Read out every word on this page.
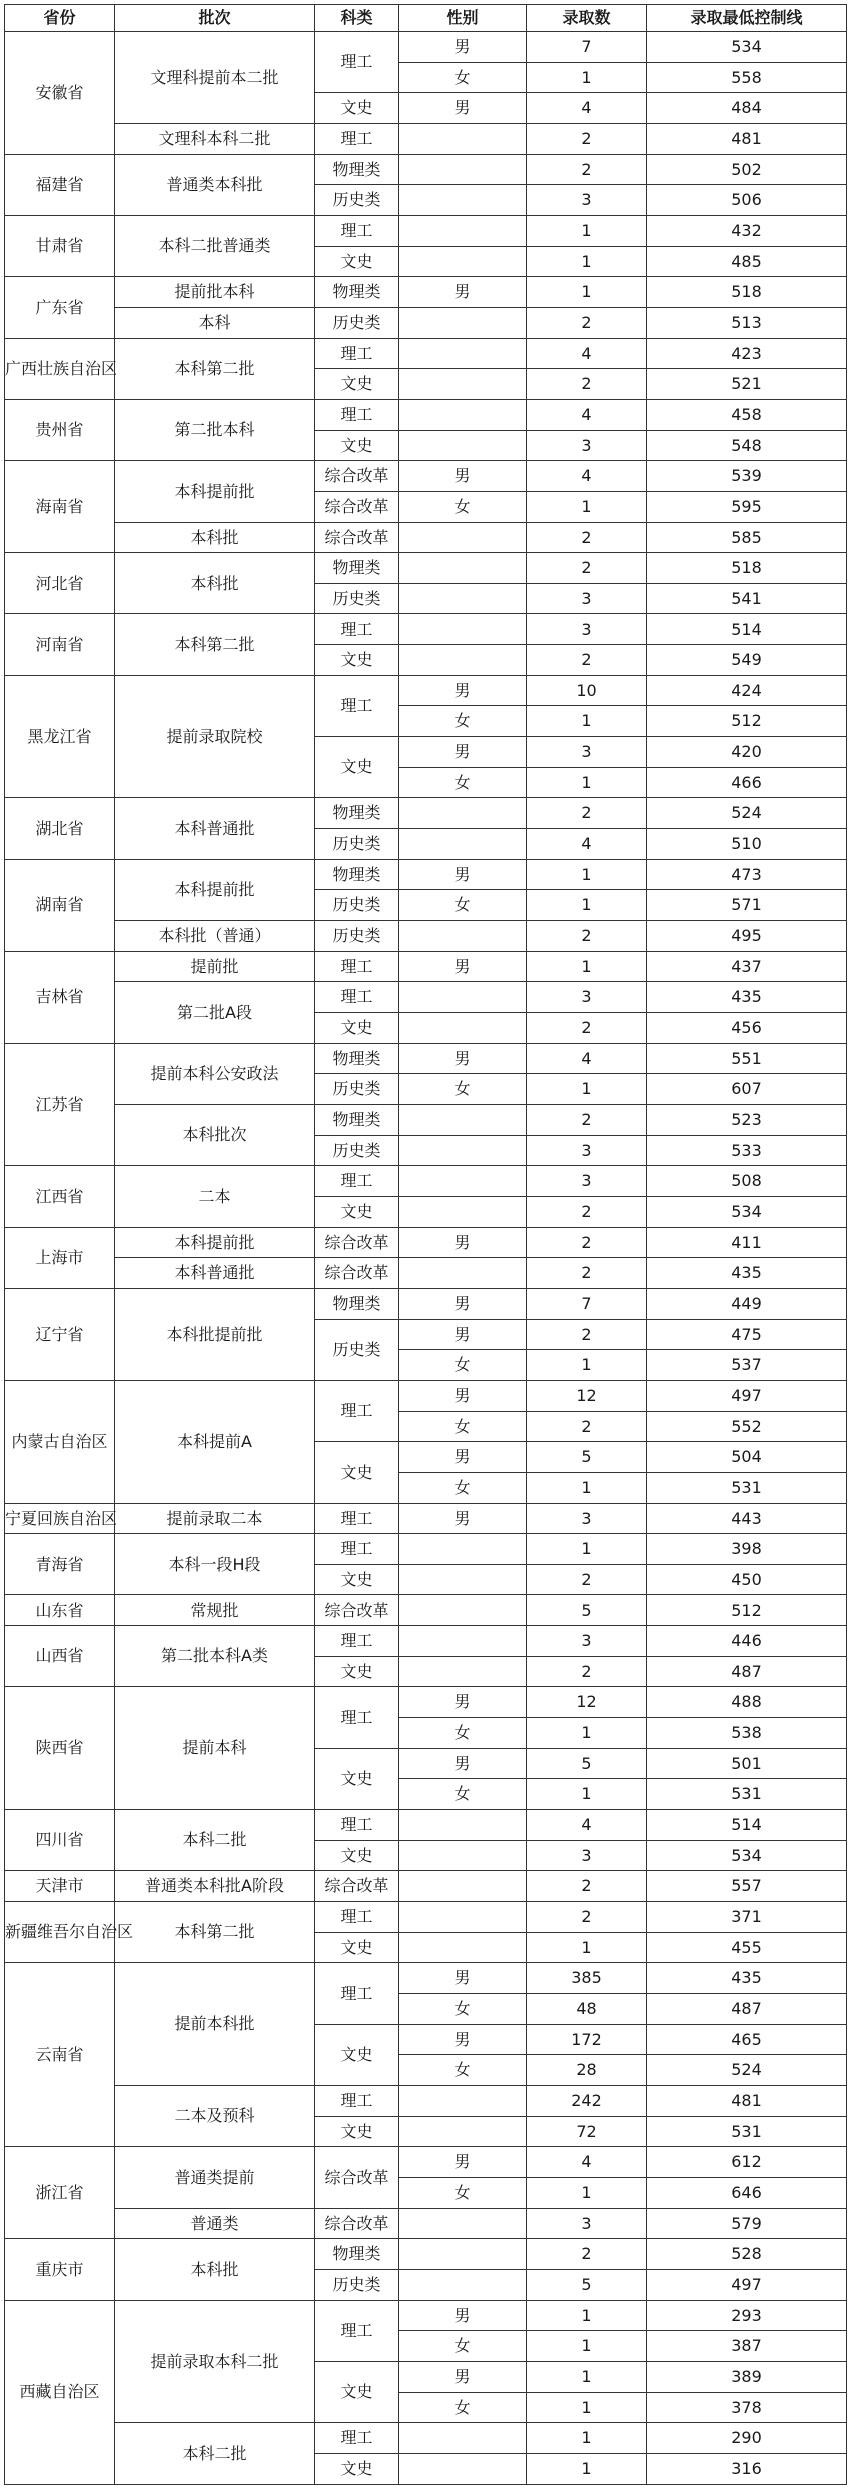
省份	批次	科类	性别	录取数	录取最低控制线
安徽省	文理科提前本二批	理工	男	7	534
			女	1	558
		文史	男	4	484
	文理科本科二批	理工		2	481
福建省	普通类本科批	物理类		2	502
		历史类		3	506
甘肃省	本科二批普通类	理工		1	432
		文史		1	485
广东省	提前批本科	物理类	男	1	518
	本科	历史类		2	513
广西壮族自治区	本科第二批	理工		4	423
		文史		2	521
贵州省	第二批本科	理工		4	458
		文史		3	548
海南省	本科提前批	综合改革	男	4	539
		综合改革	女	1	595
	本科批	综合改革		2	585
河北省	本科批	物理类		2	518
		历史类		3	541
河南省	本科第二批	理工		3	514
		文史		2	549
黑龙江省	提前录取院校	理工	男	10	424
			女	1	512
		文史	男	3	420
			女	1	466
湖北省	本科普通批	物理类		2	524
		历史类		4	510
湖南省	本科提前批	物理类	男	1	473
		历史类	女	1	571
	本科批（普通）	历史类		2	495
吉林省	提前批	理工	男	1	437
	第二批A段	理工		3	435
		文史		2	456
江苏省	提前本科公安政法	物理类	男	4	551
		历史类	女	1	607
	本科批次	物理类		2	523
		历史类		3	533
江西省	二本	理工		3	508
		文史		2	534
上海市	本科提前批	综合改革	男	2	411
	本科普通批	综合改革		2	435
辽宁省	本科批提前批	物理类	男	7	449
		历史类	男	2	475
			女	1	537
内蒙古自治区	本科提前A	理工	男	12	497
			女	2	552
		文史	男	5	504
			女	1	531
宁夏回族自治区	提前录取二本	理工	男	3	443
青海省	本科一段H段	理工		1	398
		文史		2	450
山东省	常规批	综合改革		5	512
山西省	第二批本科A类	理工		3	446
		文史		2	487
陕西省	提前本科	理工	男	12	488
			女	1	538
		文史	男	5	501
			女	1	531
四川省	本科二批	理工		4	514
		文史		3	534
天津市	普通类本科批A阶段	综合改革		2	557
新疆维吾尔自治区	本科第二批	理工		2	371
		文史		1	455
云南省	提前本科批	理工	男	385	435
			女	48	487
		文史	男	172	465
			女	28	524
	二本及预科	理工		242	481
		文史		72	531
浙江省	普通类提前	综合改革	男	4	612
			女	1	646
	普通类	综合改革		3	579
重庆市	本科批	物理类		2	528
		历史类		5	497
西藏自治区	提前录取本科二批	理工	男	1	293
			女	1	387
		文史	男	1	389
			女	1	378
	本科二批	理工		1	290
		文史		1	316
